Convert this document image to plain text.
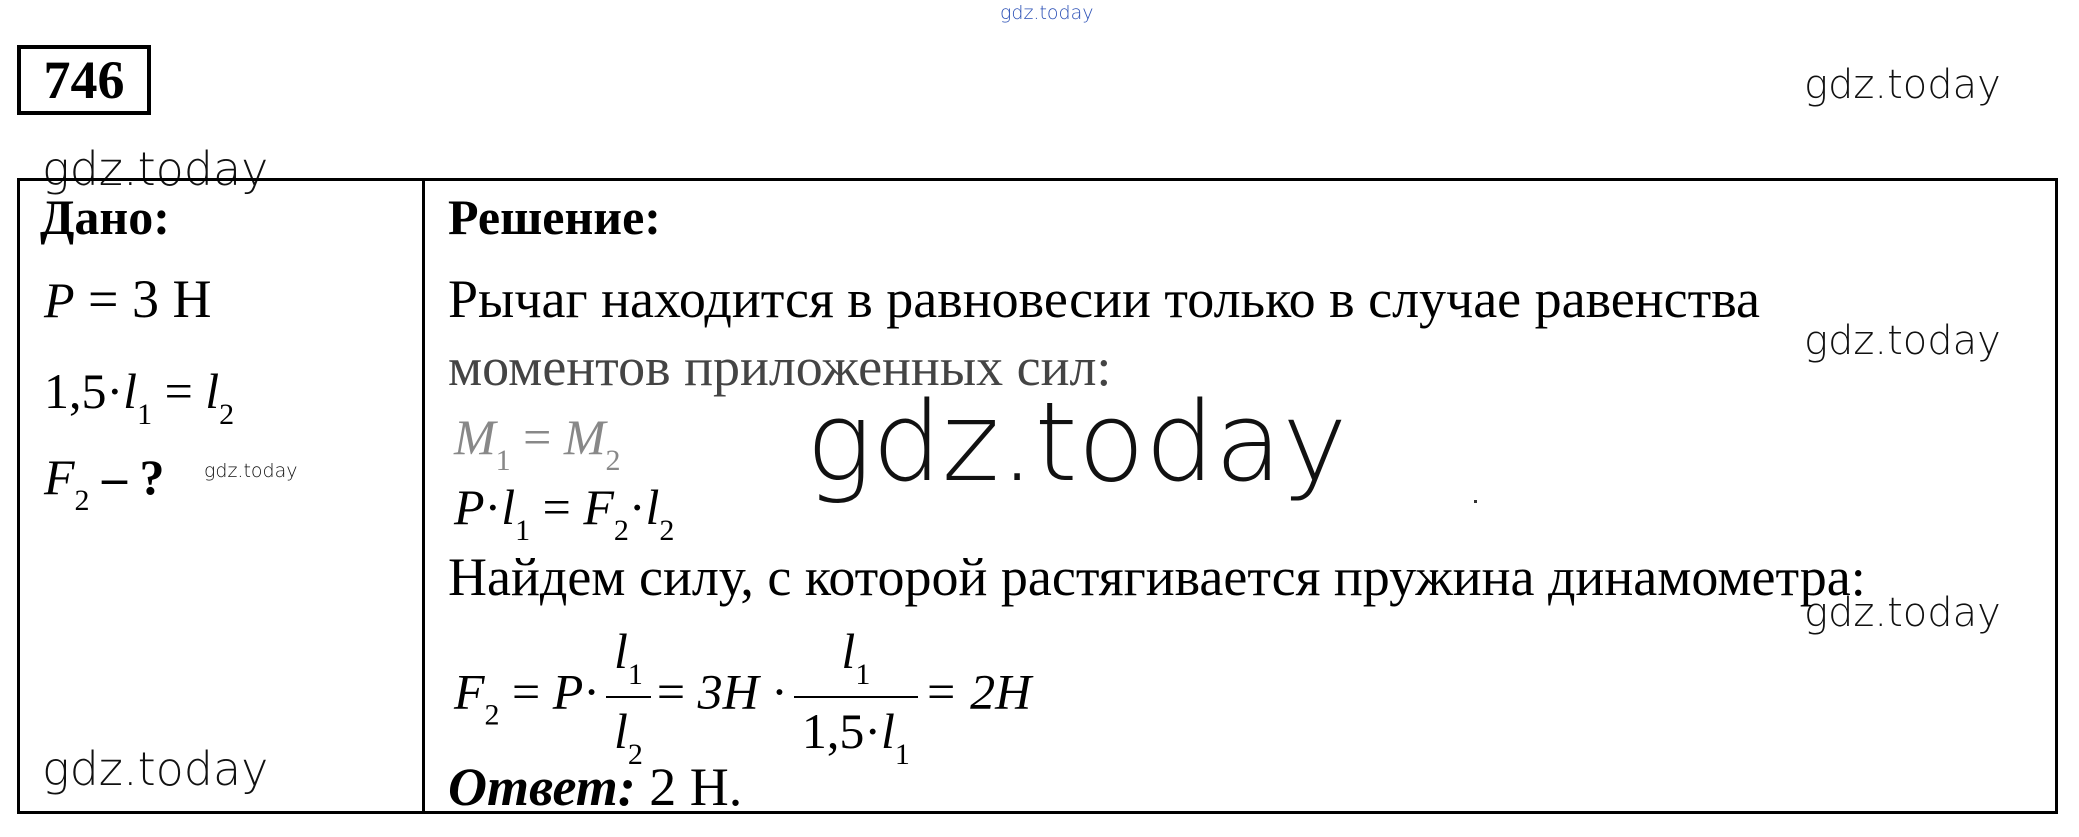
gdz.today
gdz.today
gdz.today
gdz.today
gdz.today
gdz.today
gdz.today
746
Дано:
P = 3 Н
$1,5\cdot l_1 = l_2$
$F_2$ – ?
Решение:
Рычаг находится в равновесии только в случае равенства
моментов приложенных сил:
$M_1 = M_2$
$P\cdot l_1 = F_2\cdot l_2$
Найдем силу, с которой растягивается пружина динамометра:
$F_2 = P\cdot \frac{l_1}{l_2} = 3H \cdot \frac{l_1}{1,5\cdot l_1} = 2H$
Ответ: 2 Н.
gdz.today
